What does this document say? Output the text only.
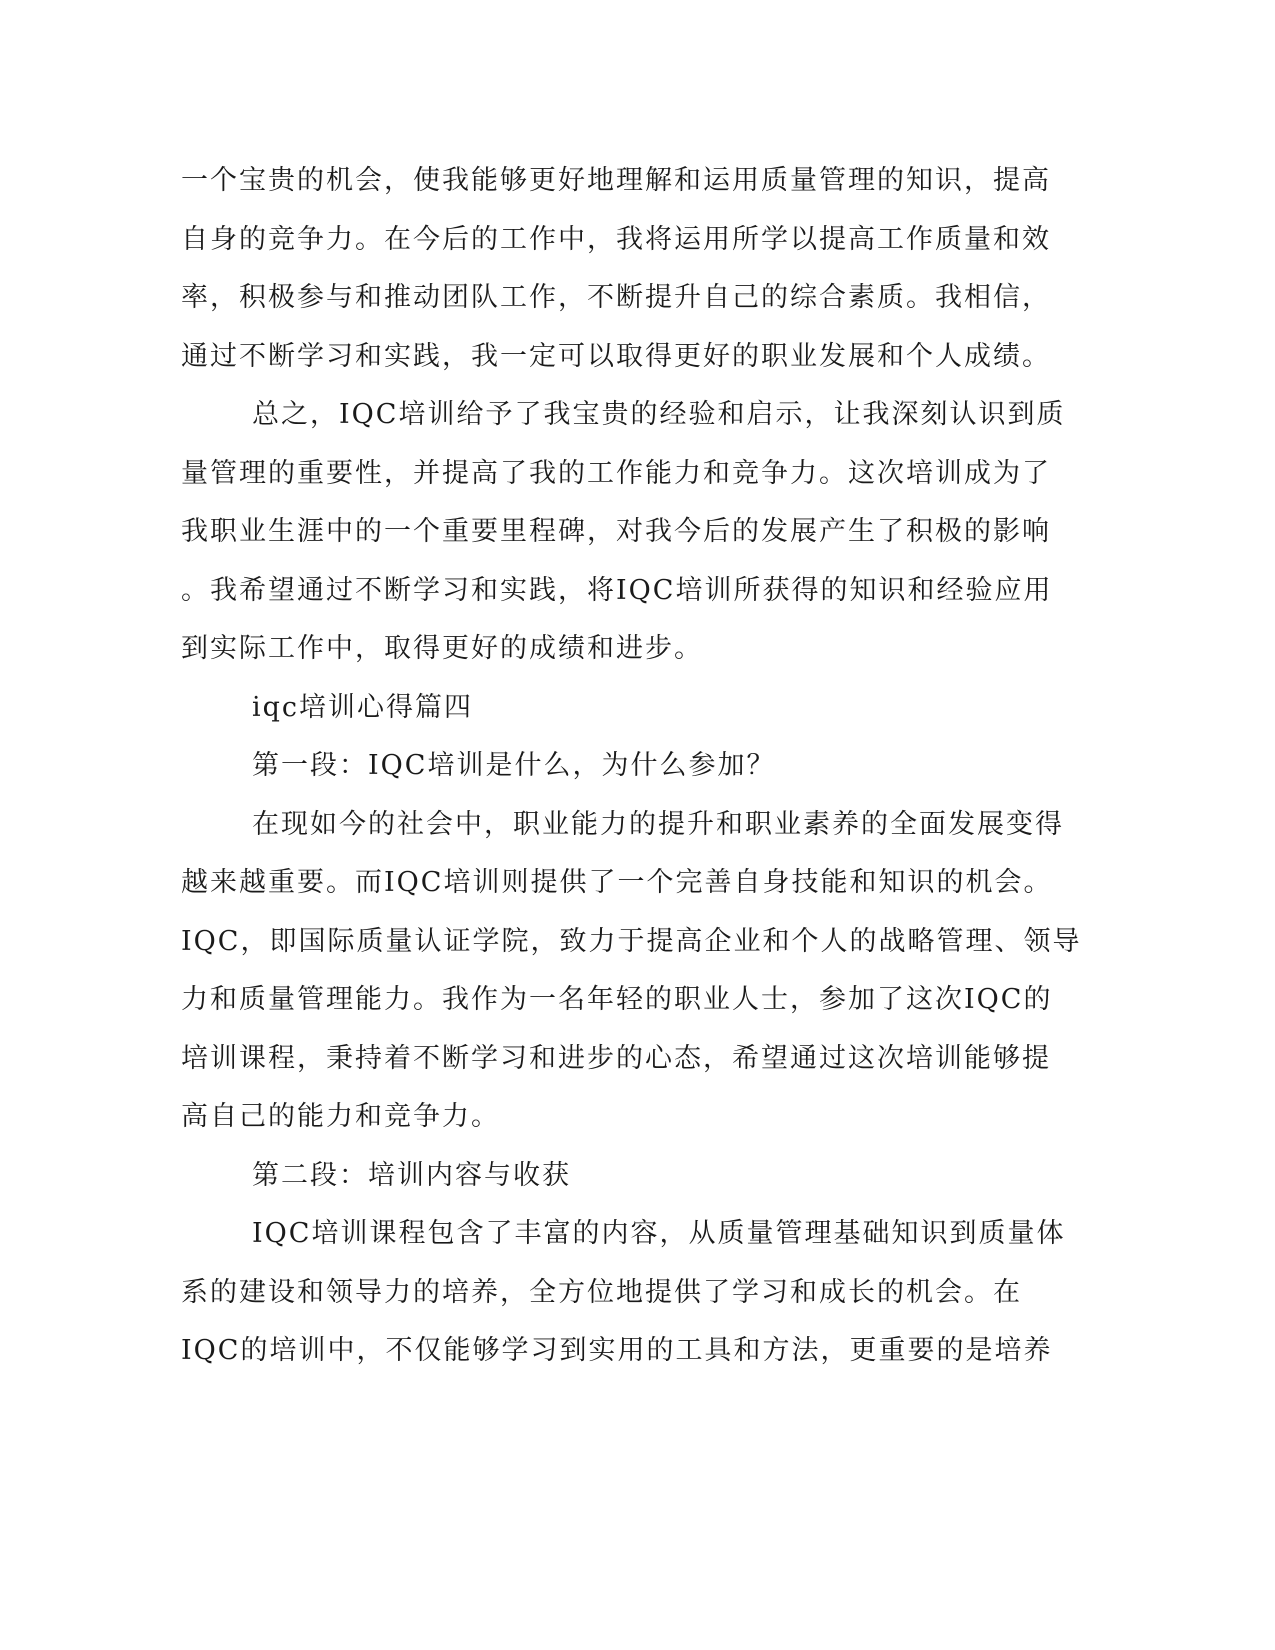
一个宝贵的机会，使我能够更好地理解和运用质量管理的知识，提高
自身的竞争力。在今后的工作中，我将运用所学以提高工作质量和效
率，积极参与和推动团队工作，不断提升自己的综合素质。我相信，
通过不断学习和实践，我一定可以取得更好的职业发展和个人成绩。
总之，IQC培训给予了我宝贵的经验和启示，让我深刻认识到质
量管理的重要性，并提高了我的工作能力和竞争力。这次培训成为了
我职业生涯中的一个重要里程碑，对我今后的发展产生了积极的影响
。我希望通过不断学习和实践，将IQC培训所获得的知识和经验应用
到实际工作中，取得更好的成绩和进步。
iqc培训心得篇四
第一段：IQC培训是什么，为什么参加？
在现如今的社会中，职业能力的提升和职业素养的全面发展变得
越来越重要。而IQC培训则提供了一个完善自身技能和知识的机会。
IQC，即国际质量认证学院，致力于提高企业和个人的战略管理、领导
力和质量管理能力。我作为一名年轻的职业人士，参加了这次IQC的
培训课程，秉持着不断学习和进步的心态，希望通过这次培训能够提
高自己的能力和竞争力。
第二段：培训内容与收获
IQC培训课程包含了丰富的内容，从质量管理基础知识到质量体
系的建设和领导力的培养，全方位地提供了学习和成长的机会。在
IQC的培训中，不仅能够学习到实用的工具和方法，更重要的是培养
